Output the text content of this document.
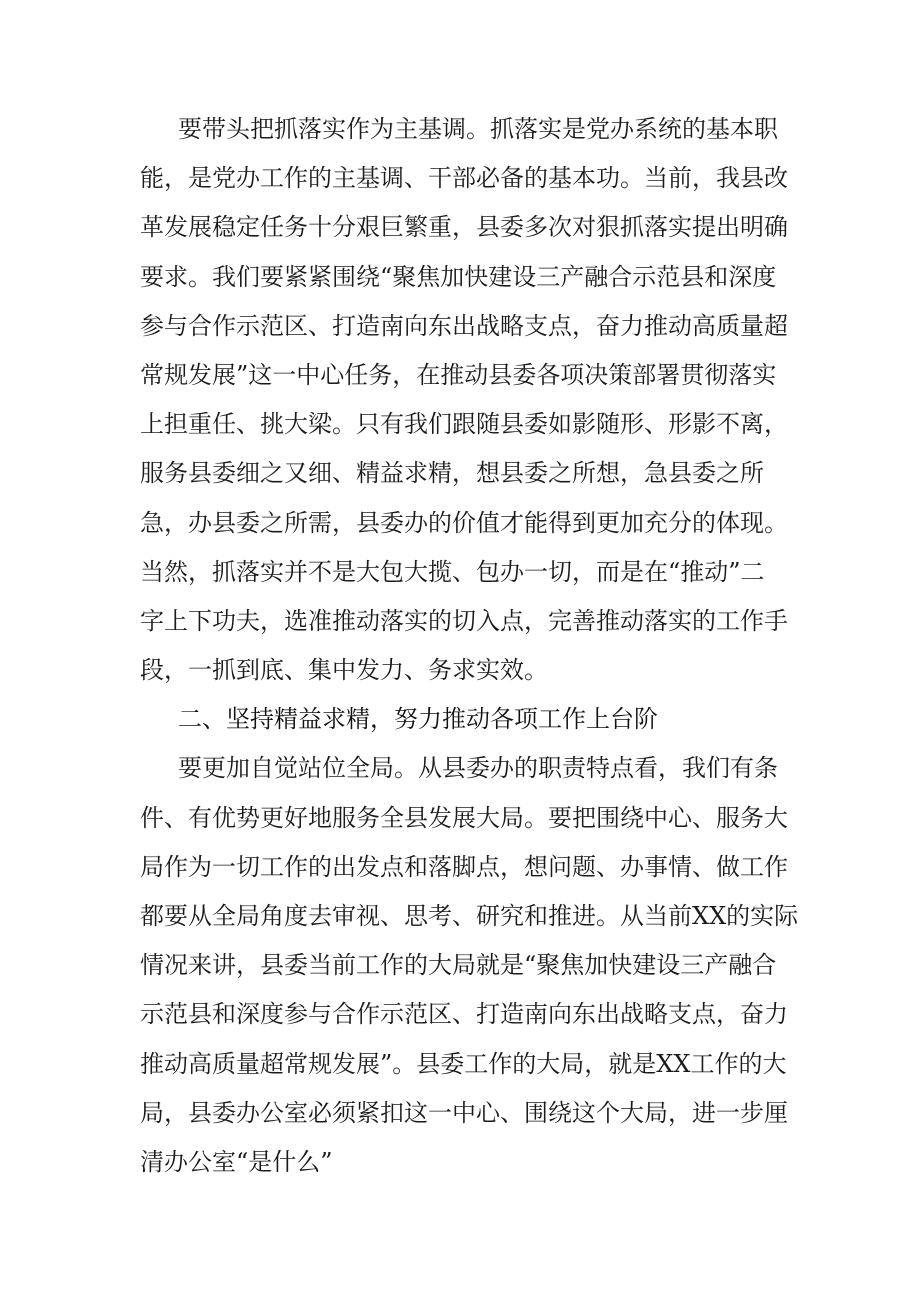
要带头把抓落实作为主基调。抓落实是党办系统的基本职
能，是党办工作的主基调、干部必备的基本功。当前，我县改
革发展稳定任务十分艰巨繁重，县委多次对狠抓落实提出明确
要求。我们要紧紧围绕“聚焦加快建设三产融合示范县和深度
参与合作示范区、打造南向东出战略支点，奋力推动高质量超
常规发展”这一中心任务，在推动县委各项决策部署贯彻落实
上担重任、挑大梁。只有我们跟随县委如影随形、形影不离，
服务县委细之又细、精益求精，想县委之所想，急县委之所
急，办县委之所需，县委办的价值才能得到更加充分的体现。
当然，抓落实并不是大包大揽、包办一切，而是在“推动”二
字上下功夫，选准推动落实的切入点，完善推动落实的工作手
段，一抓到底、集中发力、务求实效。
二、坚持精益求精，努力推动各项工作上台阶
要更加自觉站位全局。从县委办的职责特点看，我们有条
件、有优势更好地服务全县发展大局。要把围绕中心、服务大
局作为一切工作的出发点和落脚点，想问题、办事情、做工作
都要从全局角度去审视、思考、研究和推进。从当前XX的实际
情况来讲，县委当前工作的大局就是“聚焦加快建设三产融合
示范县和深度参与合作示范区、打造南向东出战略支点，奋力
推动高质量超常规发展”。县委工作的大局，就是XX工作的大
局，县委办公室必须紧扣这一中心、围绕这个大局，进一步厘
清办公室“是什么”
